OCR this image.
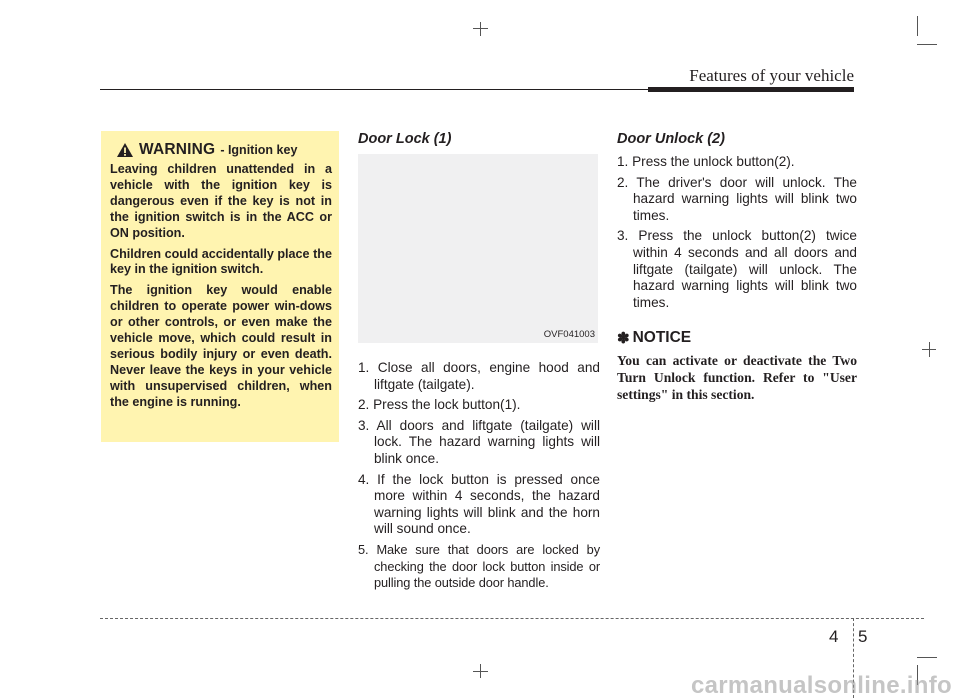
Features of your vehicle
WARNING - Ignition key

Leaving children unattended in a vehicle with the ignition key is dangerous even if the key is not in the ignition switch is in the ACC or ON position.

Children could accidentally place the key in the ignition switch.

The ignition key would enable children to operate power win-dows or other controls, or even make the vehicle move, which could result in serious bodily injury or even death. Never leave the keys in your vehicle with unsupervised children, when the engine is running.

Door Lock (1)
OVF041003
1. Close all doors, engine hood and liftgate (tailgate).
2. Press the lock button(1).
3. All doors and liftgate (tailgate) will lock. The hazard warning lights will blink once.
4. If the lock button is pressed once more within 4 seconds, the hazard warning lights will blink and the horn will sound once.
5. Make sure that doors are locked by checking the door lock button inside or pulling the outside door handle.
Door Unlock (2)
1. Press the unlock button(2).
2. The driver's door will unlock. The hazard warning lights will blink two times.
3. Press the unlock button(2) twice within 4 seconds and all doors and liftgate (tailgate) will unlock. The hazard warning lights will blink two times.
✽ NOTICE
You can activate or deactivate the Two Turn Unlock function. Refer to "User settings" in this section.
4 5
carmanualsonline.info
